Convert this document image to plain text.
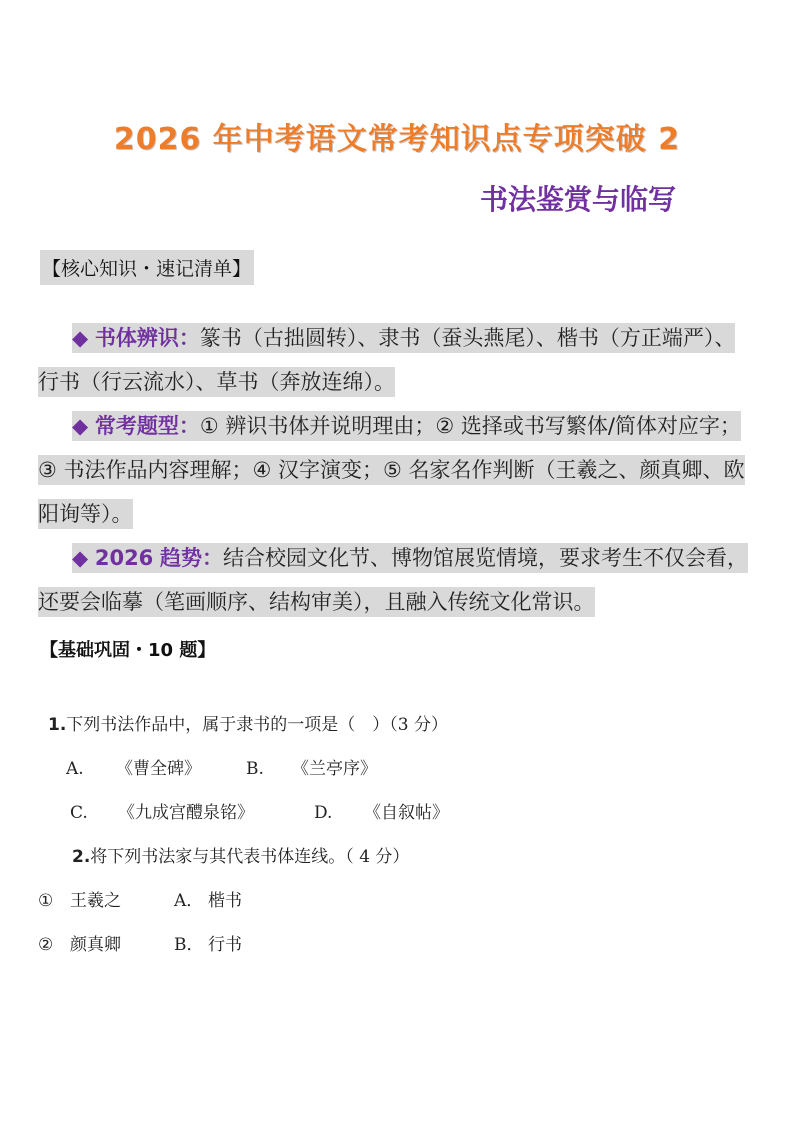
2026 年中考语文常考知识点专项突破 2
书法鉴赏与临写
【核心知识・速记清单】
◆ 书体辨识：篆书（古拙圆转）、隶书（蚕头燕尾）、楷书（方正端严）、行书（行云流水）、草书（奔放连绵）。
◆ 常考题型：① 辨识书体并说明理由；② 选择或书写繁体/简体对应字；③ 书法作品内容理解；④ 汉字演变；⑤ 名家名作判断（王羲之、颜真卿、欧阳询等）。
◆ 2026 趋势：结合校园文化节、博物馆展览情境，要求考生不仅会看，还要会临摹（笔画顺序、结构审美），且融入传统文化常识。
【基础巩固・10 题】
1.下列书法作品中，属于隶书的一项是（　）（3 分）
A. 《曹全碑》	B. 《兰亭序》
C. 《九成宫醴泉铭》	D. 《自叙帖》
2.将下列书法家与其代表书体连线。（ 4 分）
① 王羲之	A． 楷书
② 颜真卿	B． 行书
